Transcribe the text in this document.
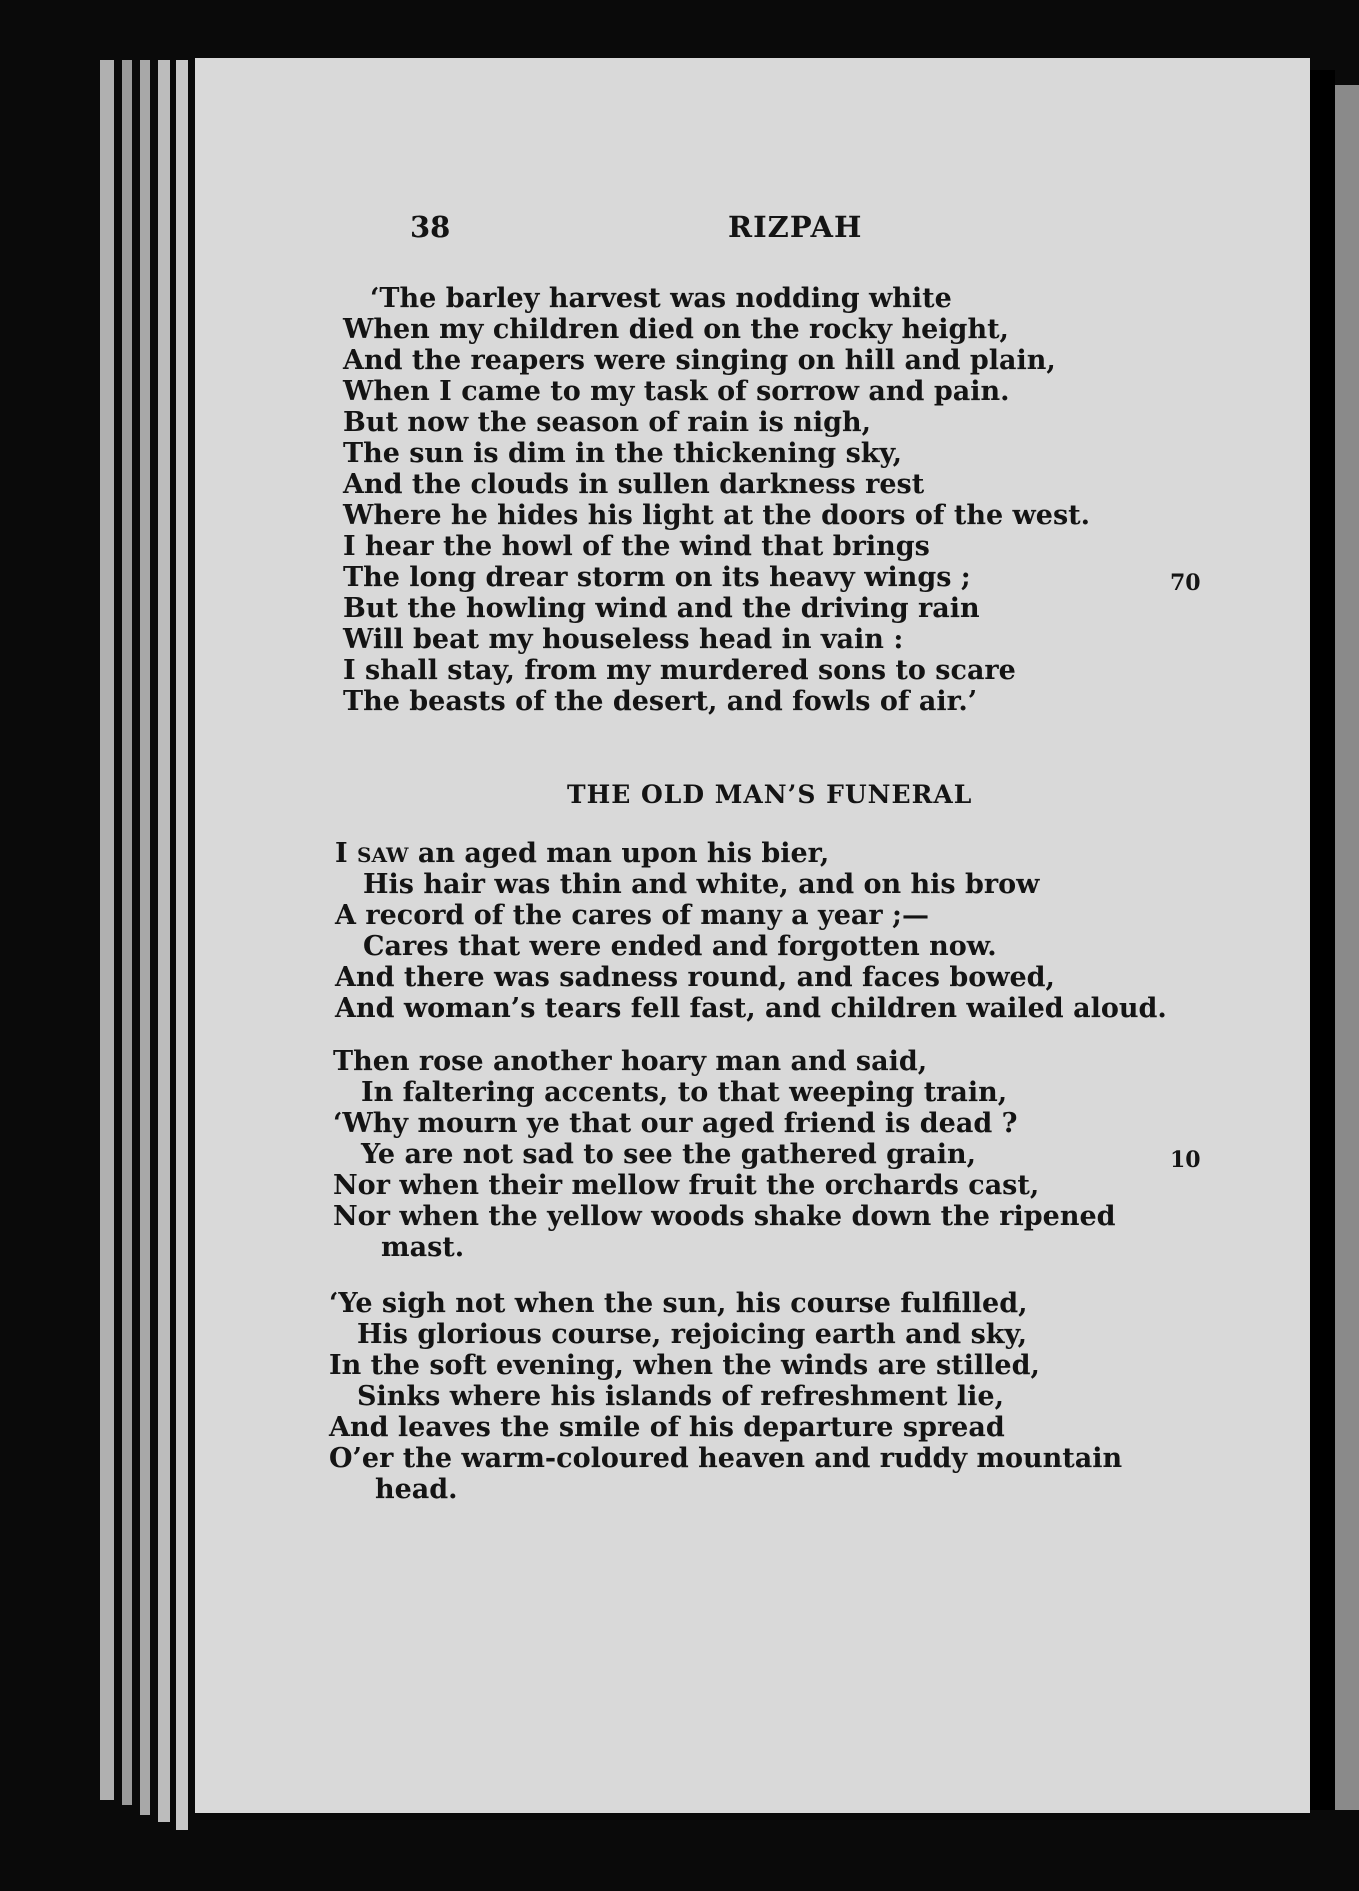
38	RIZPAH
‘The barley harvest was nodding white
When my children died on the rocky height,
And the reapers were singing on hill and plain,
When I came to my task of sorrow and pain.
But now the season of rain is nigh,
The sun is dim in the thickening sky,
And the clouds in sullen darkness rest
Where he hides his light at the doors of the west.
I hear the howl of the wind that brings
The long drear storm on its heavy wings ;	70
But the howling wind and the driving rain
Will beat my houseless head in vain :
I shall stay, from my murdered sons to scare
The beasts of the desert, and fowls of air.’
THE OLD MAN’S FUNERAL
I SAW an aged man upon his bier,
His hair was thin and white, and on his brow
A record of the cares of many a year ;—
Cares that were ended and forgotten now.
And there was sadness round, and faces bowed,
And woman’s tears fell fast, and children wailed aloud.
Then rose another hoary man and said,
In faltering accents, to that weeping train,
‘Why mourn ye that our aged friend is dead ?
Ye are not sad to see the gathered grain,	10
Nor when their mellow fruit the orchards cast,
Nor when the yellow woods shake down the ripened
mast.
‘Ye sigh not when the sun, his course fulfilled,
His glorious course, rejoicing earth and sky,
In the soft evening, when the winds are stilled,
Sinks where his islands of refreshment lie,
And leaves the smile of his departure spread
O’er the warm-coloured heaven and ruddy mountain
head.
